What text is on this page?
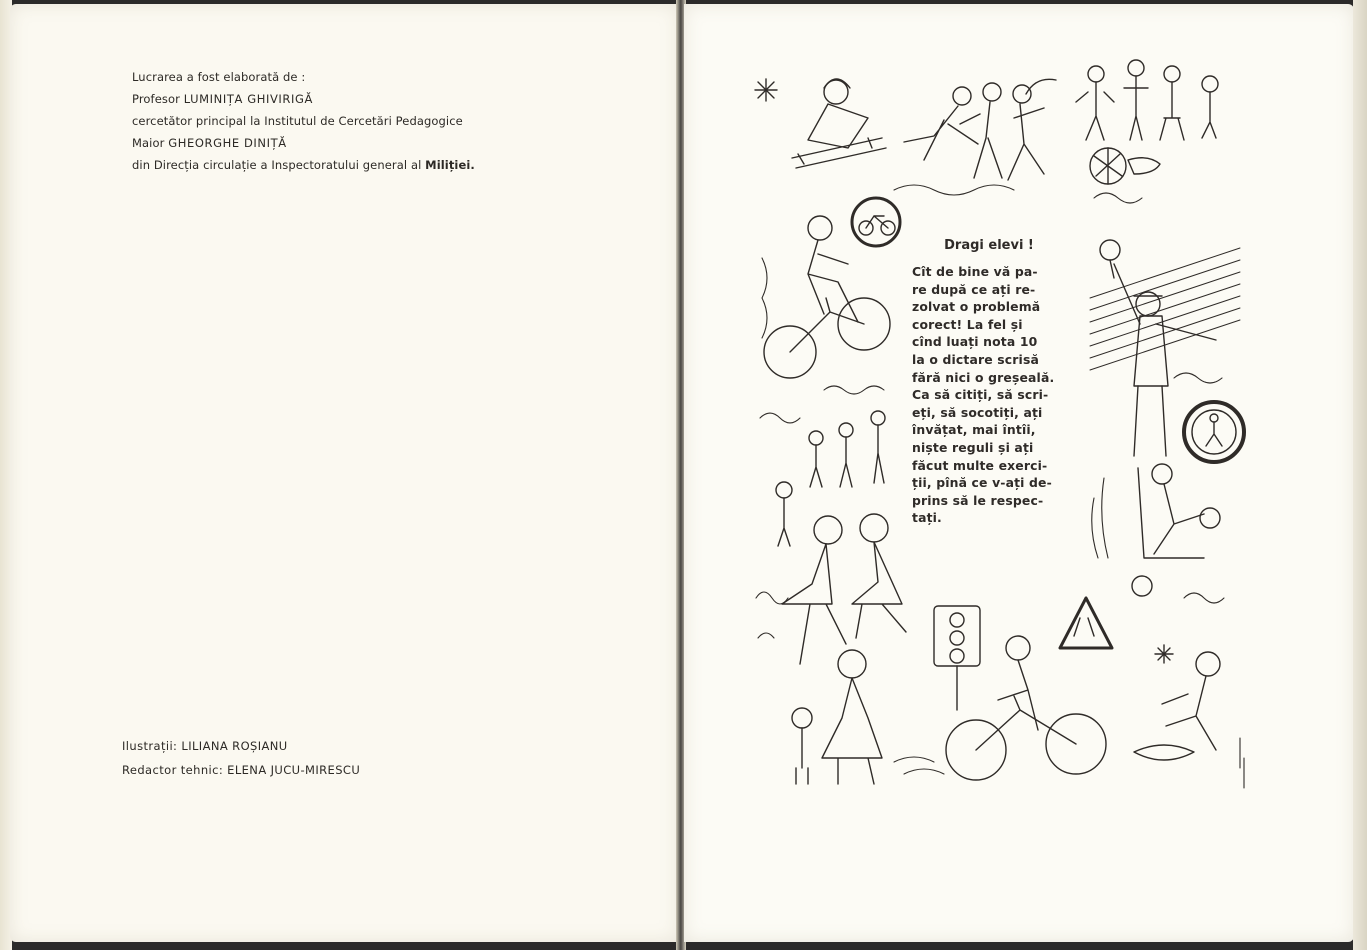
Lucrarea a fost elaborată de :
Profesor LUMINIȚA GHIVIRIGĂ
cercetător principal la Institutul de Cercetări Pedagogice
Maior GHEORGHE DINIȚĂ
din Direcția circulație a Inspectoratului general al Miliției.
Ilustrații: LILIANA ROȘIANU
Redactor tehnic: ELENA JUCU-MIRESCU
Dragi elevi !
Cît de bine vă pa-
re după ce ați re-
zolvat o problemă
corect! La fel și
cînd luați nota 10
la o dictare scrisă
fără nici o greșeală.
Ca să citiți, să scri-
eți, să socotiți, ați
învățat, mai întîi,
niște reguli și ați
făcut multe exerci-
ții, pînă ce v-ați de-
prins să le respec-
tați.
